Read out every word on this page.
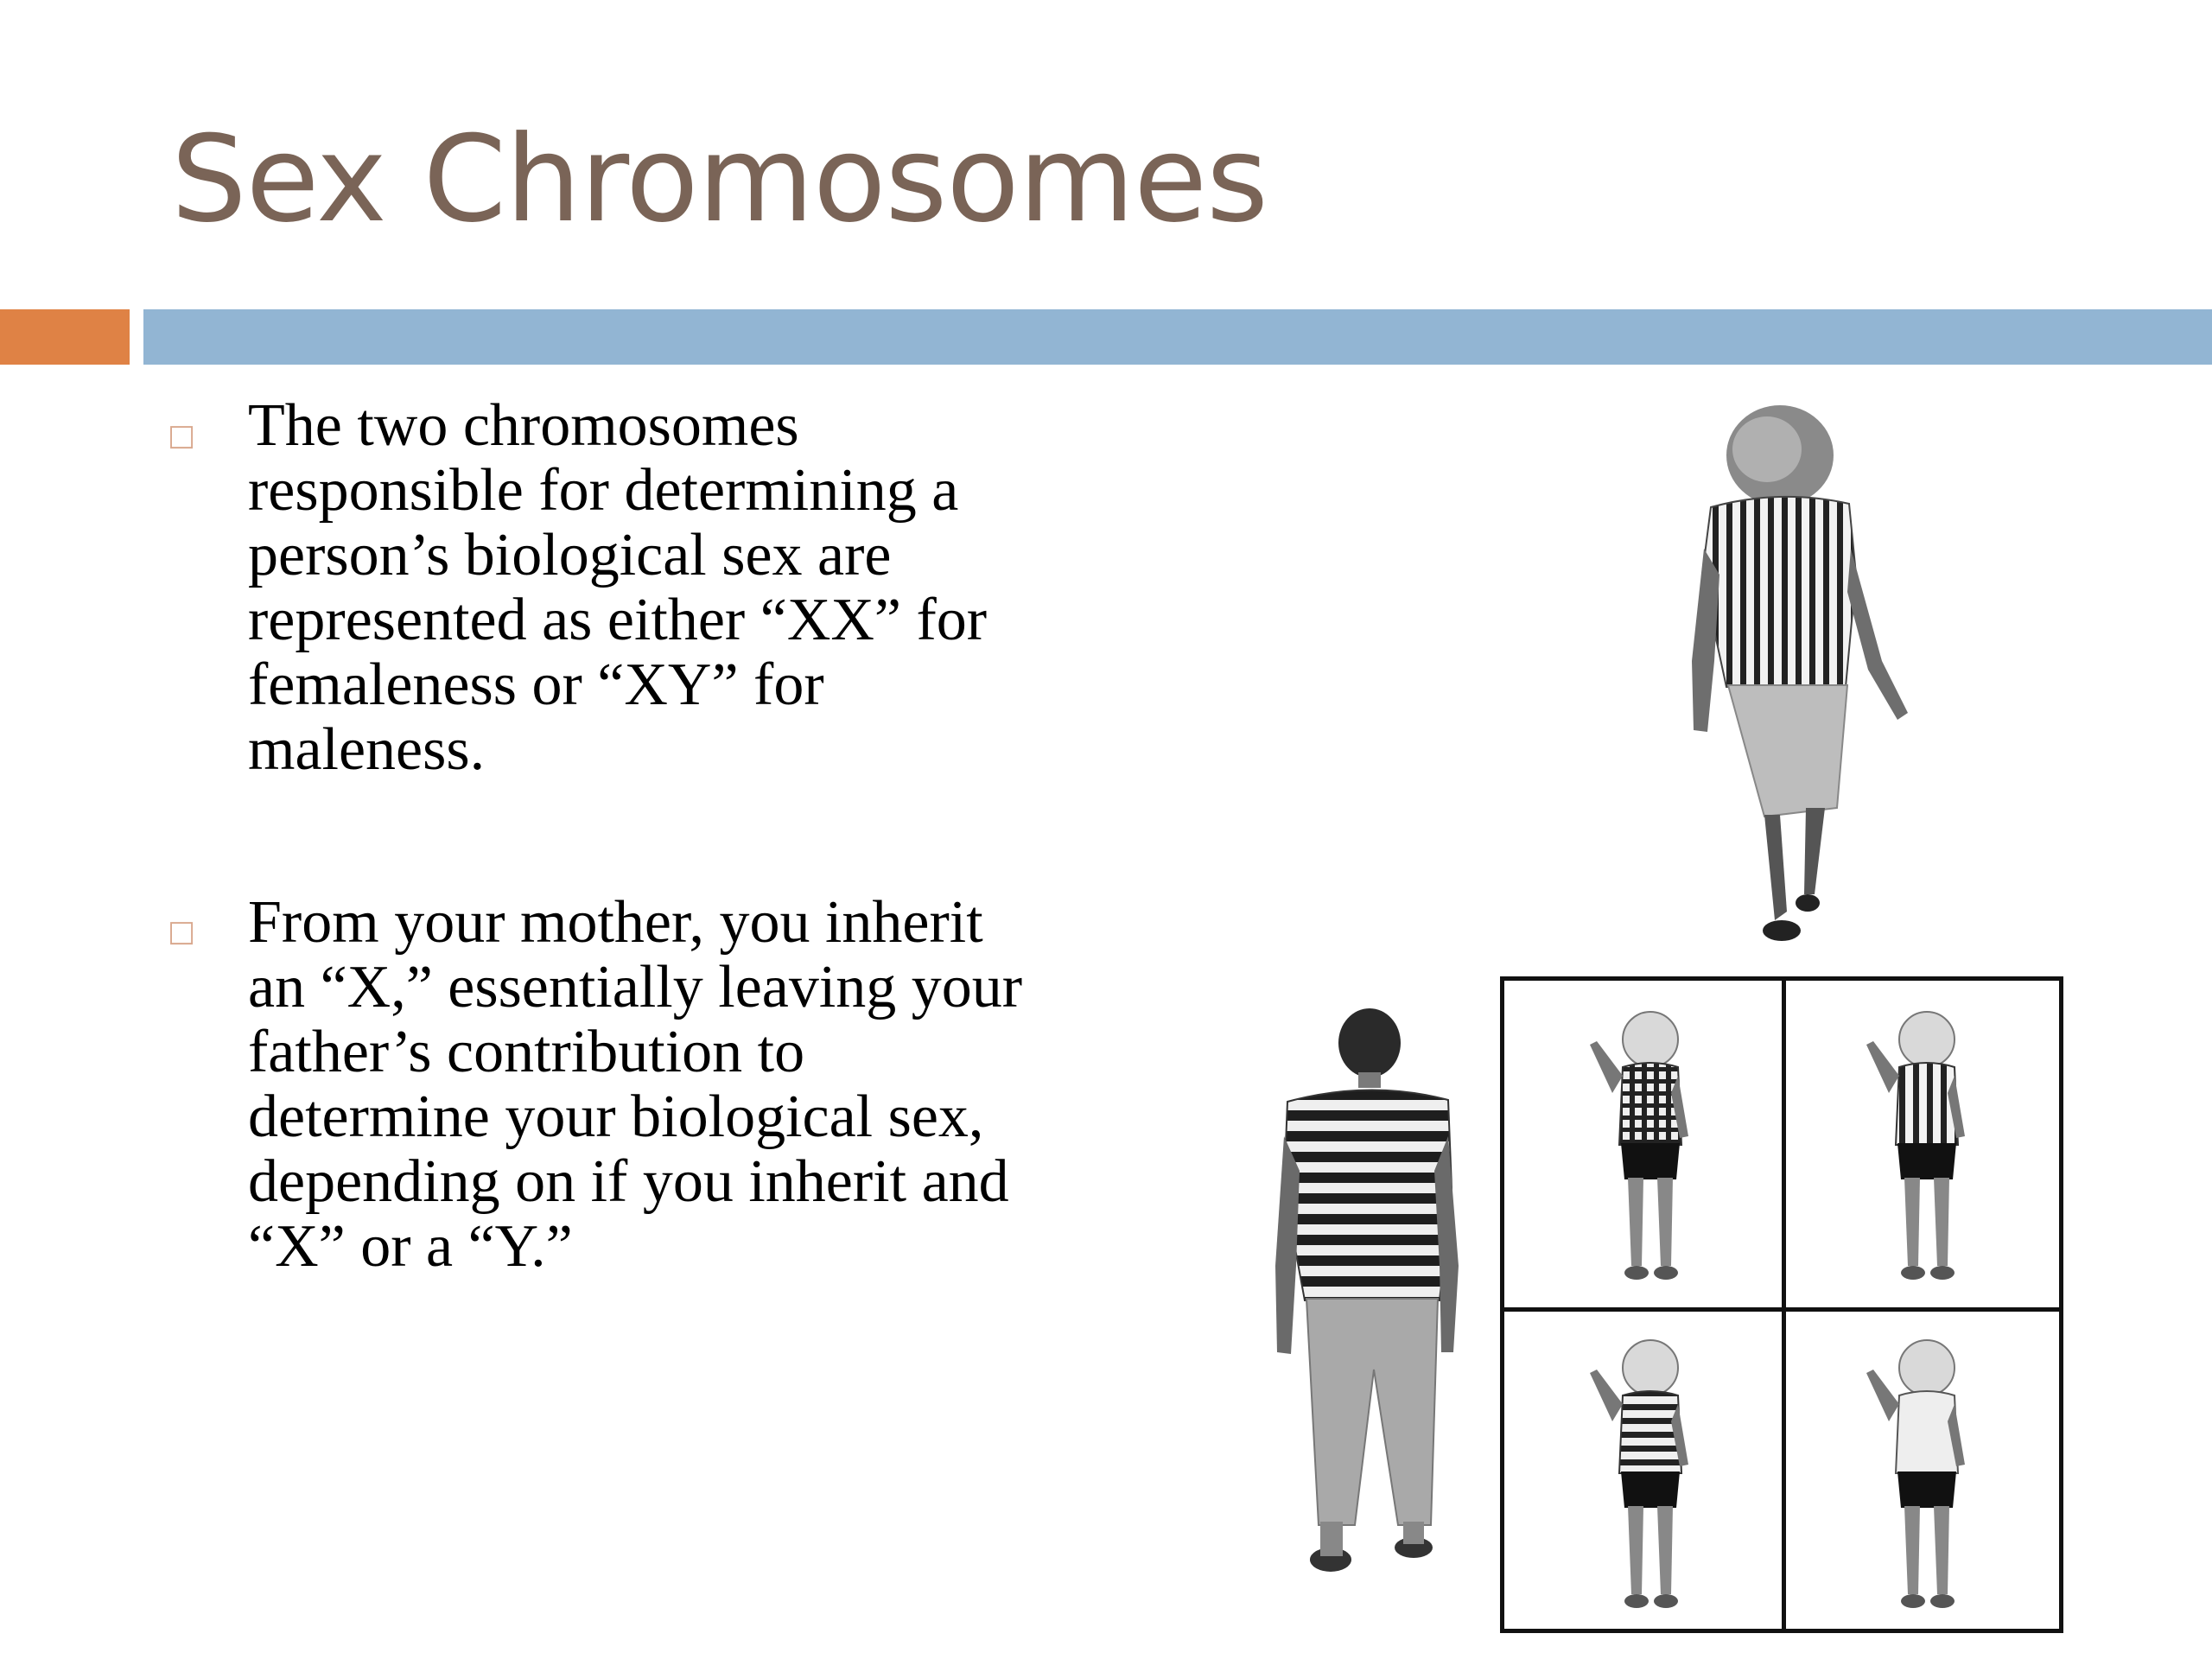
Sex Chromosomes
□ The two chromosomes
responsible for determining a
person’s biological sex are
represented as either “XX” for
femaleness or “XY” for
maleness.

□ From your mother, you inherit
an “X,” essentially leaving your
father’s contribution to
determine your biological sex,
depending on if you inherit and
“X” or a “Y.”
